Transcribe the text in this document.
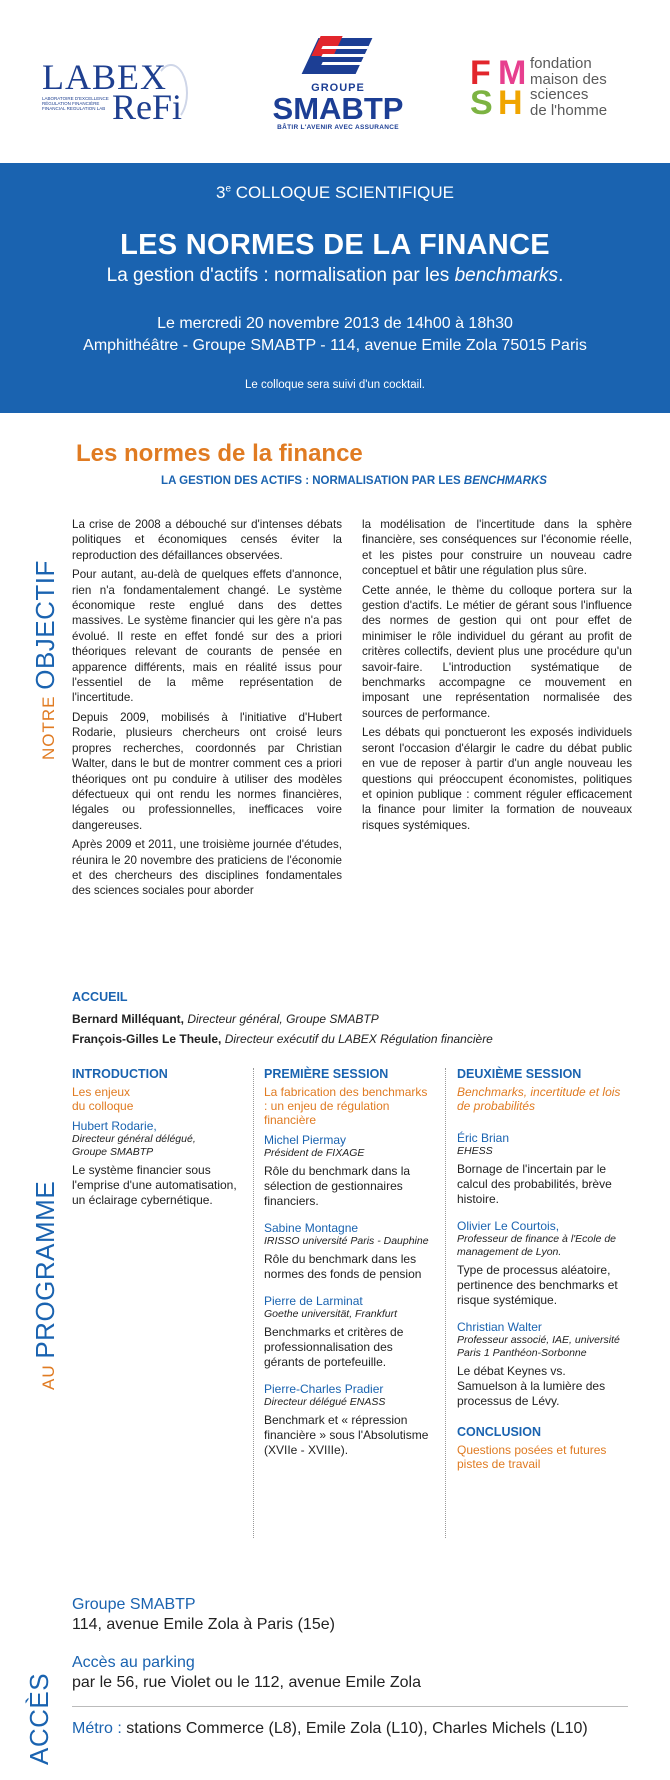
LABEX
ReFi
LABORATOIRE D'EXCELLENCE RÉGULATION FINANCIÈRE FINANCIAL REGULATION LAB
GROUPE
SMABTP
BÂTIR L'AVENIR AVEC ASSURANCE
F M
S H
fondation
maison des
sciences
de l'homme
3e COLLOQUE SCIENTIFIQUE
LES NORMES DE LA FINANCE
La gestion d'actifs : normalisation par les benchmarks.
Le mercredi 20 novembre 2013 de 14h00 à 18h30
Amphithéâtre - Groupe SMABTP - 114, avenue Emile Zola 75015 Paris
Le colloque sera suivi d'un cocktail.
NOTRE OBJECTIF
Les normes de la finance
LA GESTION DES ACTIFS : NORMALISATION PAR LES BENCHMARKS

La crise de 2008 a débouché sur d'intenses débats politiques et économiques censés éviter la reproduction des défaillances observées.

Pour autant, au-delà de quelques effets d'annonce, rien n'a fondamentalement changé. Le système économique reste englué dans des dettes massives. Le système financier qui les gère n'a pas évolué. Il reste en effet fondé sur des a priori théoriques relevant de courants de pensée en apparence différents, mais en réalité issus pour l'essentiel de la même représentation de l'incertitude.

Depuis 2009, mobilisés à l'initiative d'Hubert Rodarie, plusieurs chercheurs ont croisé leurs propres recherches, coordonnés par Christian Walter, dans le but de montrer comment ces a priori théoriques ont pu conduire à utiliser des modèles défectueux qui ont rendu les normes financières, légales ou professionnelles, inefficaces voire dangereuses.

Après 2009 et 2011, une troisième journée d'études, réunira le 20 novembre des praticiens de l'économie et des chercheurs des disciplines fondamentales des sciences sociales pour aborder

la modélisation de l'incertitude dans la sphère financière, ses conséquences sur l'économie réelle, et les pistes pour construire un nouveau cadre conceptuel et bâtir une régulation plus sûre.

Cette année, le thème du colloque portera sur la gestion d'actifs. Le métier de gérant sous l'influence des normes de gestion qui ont pour effet de minimiser le rôle individuel du gérant au profit de critères collectifs, devient plus une procédure qu'un savoir-faire. L'introduction systématique de benchmarks accompagne ce mouvement en imposant une représentation normalisée des sources de performance.

Les débats qui ponctueront les exposés individuels seront l'occasion d'élargir le cadre du débat public en vue de reposer à partir d'un angle nouveau les questions qui préoccupent économistes, politiques et opinion publique : comment réguler efficacement la finance pour limiter la formation de nouveaux risques systémiques.

AU PROGRAMME
ACCUEIL
Bernard Milléquant, Directeur général, Groupe SMABTP
François-Gilles Le Theule, Directeur exécutif du LABEX Régulation financière
INTRODUCTION
Les enjeux du colloque
Hubert Rodarie,
Directeur général délégué, Groupe SMABTP
Le système financier sous l'emprise d'une automatisation, un éclairage cybernétique.
PREMIÈRE SESSION
La fabrication des benchmarks : un enjeu de régulation financière
Michel Piermay
Président de FIXAGE
Rôle du benchmark dans la sélection de gestionnaires financiers.
Sabine Montagne
IRISSO université Paris - Dauphine
Rôle du benchmark dans les normes des fonds de pension
Pierre de Larminat
Goethe universität, Frankfurt
Benchmarks et critères de professionnalisation des gérants de portefeuille.
Pierre-Charles Pradier
Directeur délégué ENASS
Benchmark et « répression financière » sous l'Absolutisme (XVIIe - XVIIIe).
DEUXIÈME SESSION
Benchmarks, incertitude et lois de probabilités
Éric Brian
EHESS
Bornage de l'incertain par le calcul des probabilités, brève histoire.
Olivier Le Courtois,
Professeur de finance à l'Ecole de management de Lyon.
Type de processus aléatoire, pertinence des benchmarks et risque systémique.
Christian Walter
Professeur associé, IAE, université Paris 1 Panthéon-Sorbonne
Le débat Keynes vs. Samuelson à la lumière des processus de Lévy.
CONCLUSION
Questions posées et futures pistes de travail
ACCÈS
Groupe SMABTP
114, avenue Emile Zola à Paris (15e)
Accès au parking
par le 56, rue Violet ou le 112, avenue Emile Zola
Métro : stations Commerce (L8), Emile Zola (L10), Charles Michels (L10)
